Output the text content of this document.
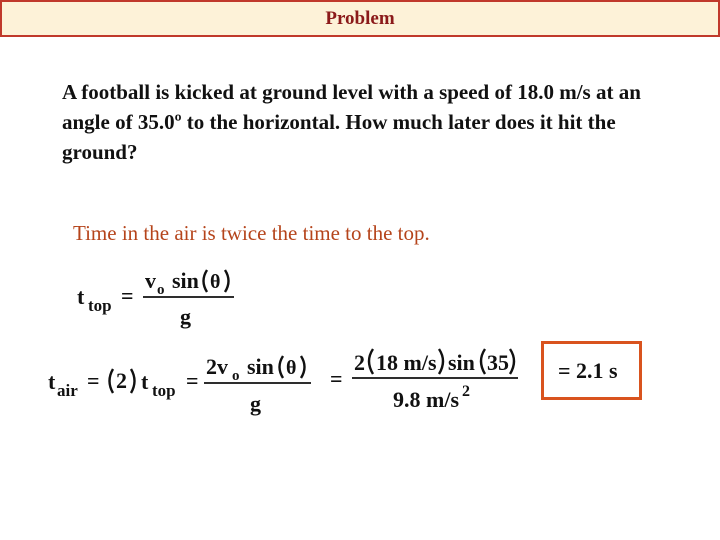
Problem
A football is kicked at ground level with a speed of 18.0 m/s at an angle of 35.0º to the horizontal. How much later does it hit the ground?
Time in the air is twice the time to the top.
t top =
v o sin θ
g
t air = 2 t top =
2v o sin θ
g
=
2 18 m/s sin 35
9.8 m/s 2
= 2.1 s
